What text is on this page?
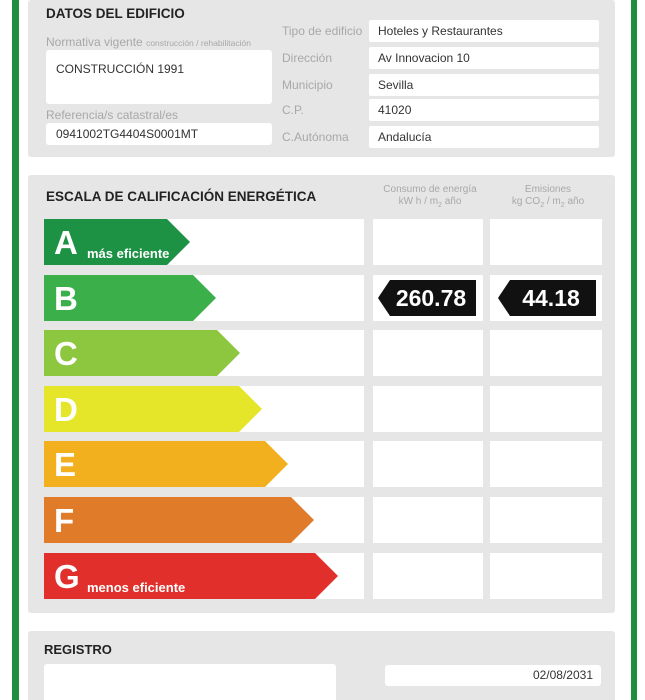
DATOS DEL EDIFICIO
Normativa vigente construcción / rehabilitación
CONSTRUCCIÓN 1991
Referencia/s catastral/es
0941002TG4404S0001MT
Tipo de edificio Hoteles y Restaurantes
Dirección	Av Innovacion 10
Municipio	Sevilla
C.P.	41020
C.Autónoma Andalucía
ESCALA DE CALIFICACIÓN ENERGÉTICA	Consumo de energía
kW h / $m_2$ año
Emisiones
kg $CO_2 / m_2$ año
A más eficiente
B	260.78	44.18
C
D
E
F
G menos eficiente
REGISTRO
02/08/2031
